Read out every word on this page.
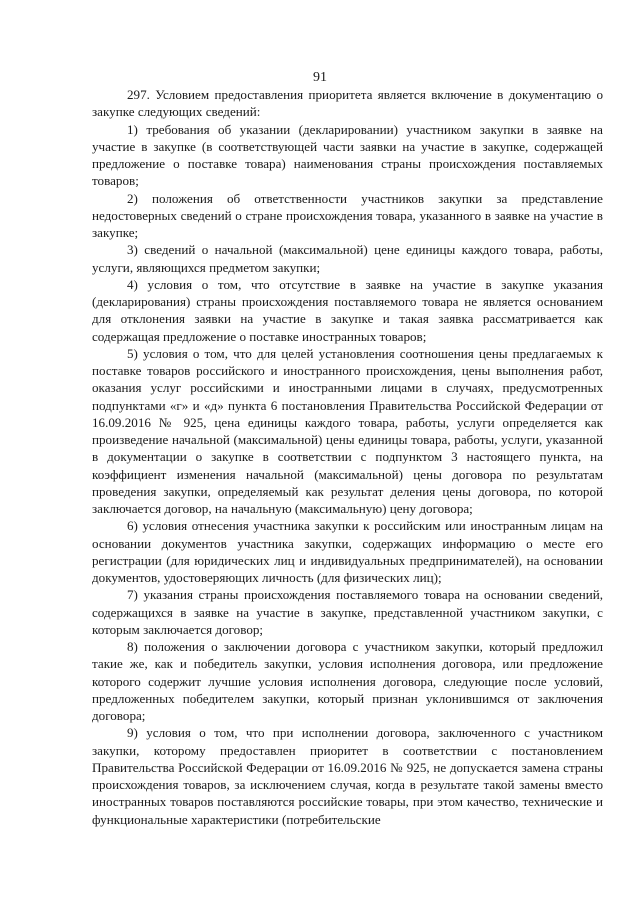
91

297. Условием предоставления приоритета является включение в документацию о закупке следующих сведений:

1) требования об указании (декларировании) участником закупки в заявке на участие в закупке (в соответствующей части заявки на участие в закупке, содержащей предложение о поставке товара) наименования страны происхождения поставляемых товаров;

2) положения об ответственности участников закупки за представление недостоверных сведений о стране происхождения товара, указанного в заявке на участие в закупке;

3) сведений о начальной (максимальной) цене единицы каждого товара, работы, услуги, являющихся предметом закупки;

4) условия о том, что отсутствие в заявке на участие в закупке указания (декларирования) страны происхождения поставляемого товара не является основанием для отклонения заявки на участие в закупке и такая заявка рассматривается как содержащая предложение о поставке иностранных товаров;

5) условия о том, что для целей установления соотношения цены предлагаемых к поставке товаров российского и иностранного происхождения, цены выполнения работ, оказания услуг российскими и иностранными лицами в случаях, предусмотренных подпунктами «г» и «д» пункта 6 постановления Правительства Российской Федерации от 16.09.2016 № 925, цена единицы каждого товара, работы, услуги определяется как произведение начальной (максимальной) цены единицы товара, работы, услуги, указанной в документации о закупке в соответствии с подпунктом 3 настоящего пункта, на коэффициент изменения начальной (максимальной) цены договора по результатам проведения закупки, определяемый как результат деления цены договора, по которой заключается договор, на начальную (максимальную) цену договора;

6) условия отнесения участника закупки к российским или иностранным лицам на основании документов участника закупки, содержащих информацию о месте его регистрации (для юридических лиц и индивидуальных предпринимателей), на основании документов, удостоверяющих личность (для физических лиц);

7) указания страны происхождения поставляемого товара на основании сведений, содержащихся в заявке на участие в закупке, представленной участником закупки, с которым заключается договор;

8) положения о заключении договора с участником закупки, который предложил такие же, как и победитель закупки, условия исполнения договора, или предложение которого содержит лучшие условия исполнения договора, следующие после условий, предложенных победителем закупки, который признан уклонившимся от заключения договора;

9) условия о том, что при исполнении договора, заключенного с участником закупки, которому предоставлен приоритет в соответствии с постановлением Правительства Российской Федерации от 16.09.2016 № 925, не допускается замена страны происхождения товаров, за исключением случая, когда в результате такой замены вместо иностранных товаров поставляются российские товары, при этом качество, технические и функциональные характеристики (потребительские
